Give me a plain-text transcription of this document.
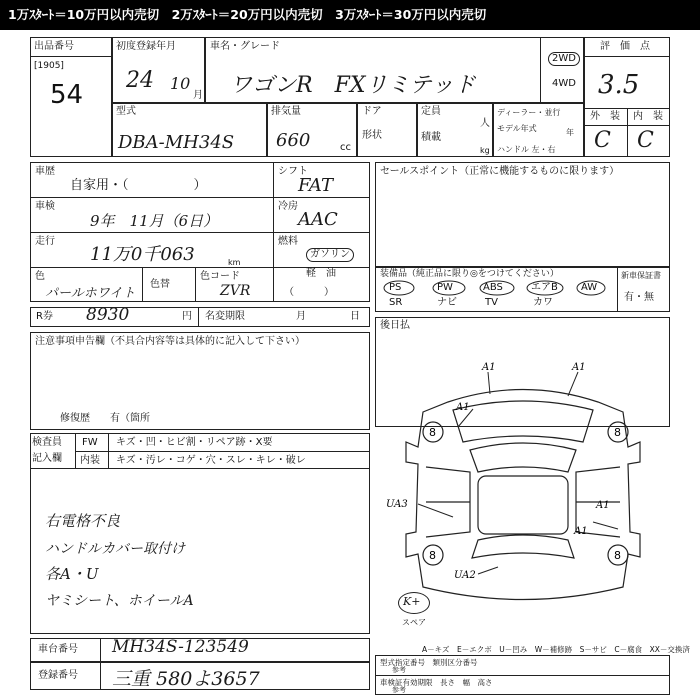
1万ｽﾀｰﾄ＝10万円以内売切　2万ｽﾀｰﾄ＝20万円以内売切　3万ｽﾀｰﾄ＝30万円以内売切
出品番号
[1905]
54
初度登録年月
24 10
月
車名・グレード
ワゴンR　FXリミテッド
2WD
4WD
評　価　点
3.5
外　装 内　装
C C
型式
DBA-MH34S
排気量
660	cc
ドア
形状
定員
人
積載
kg
ディーラー・並行
モデル年式	年
ハンドル 左・右
車歴
自家用・（　　　　　）
シフト
FAT
車検
9年　11月（6日）
冷房
AAC
走行
11万0千063	km
燃料
ガソリン
軽　油
（　　　）
色
パールホワイト
色替
色コード
ZVR
R券 8930	円 名変期限	月	日
セールスポイント（正常に機能するものに限ります）
装備品（純正品に限り◎をつけてください）	新車保証書
有・無
PS	PW	ABS	エアB AW
SR	ナビ	TV	カワ
後日払
注意事項申告欄（不具合内容等は具体的に記入して下さい）
修復歴　　有（箇所
検査員
記入欄
FW キズ・凹・ヒビ割・リペア跡・X要
内装 キズ・汚レ・コゲ・穴・スレ・キレ・破レ
右電格不良
ハンドルカバー取付け
各A・U
ヤミシート、ホイールA
A1	A1
A1
A1
UA3
UA2
A1
8	8
8	8
K+
スペア
A－キズ　E－エクボ　U－凹み　W－補修跡　S－サビ　C－腐食　XX－交換済
車台番号 MH34S-123549
登録番号 三重 580よ3657
型式指定番号　類別区分番号
参考
車検証有効期限　長さ　幅　高さ
参考
